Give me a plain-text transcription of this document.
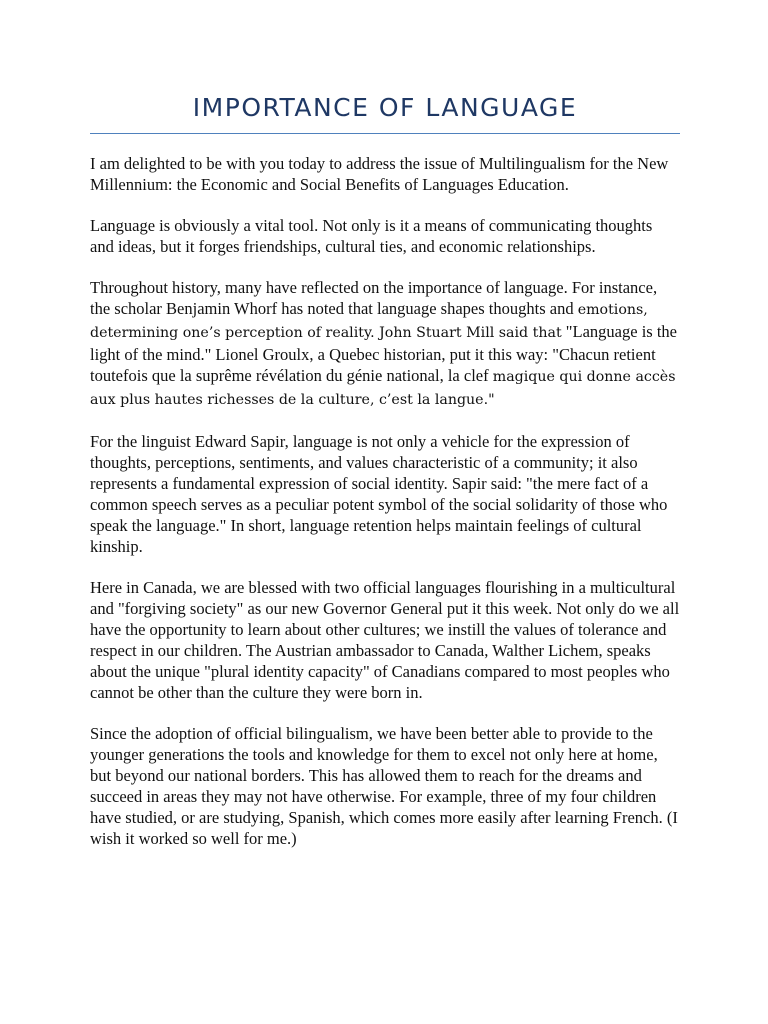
IMPORTANCE OF LANGUAGE

I am delighted to be with you today to address the issue of Multilingualism for the New Millennium: the Economic and Social Benefits of Languages Education.

Language is obviously a vital tool. Not only is it a means of communicating thoughts and ideas, but it forges friendships, cultural ties, and economic relationships.

Throughout history, many have reflected on the importance of language. For instance, the scholar Benjamin Whorf has noted that language shapes thoughts and emotions, determining one’s perception of reality. John Stuart Mill said that "Language is the light of the mind." Lionel Groulx, a Quebec historian, put it this way: "Chacun retient toutefois que la suprême révélation du génie national, la clef magique qui donne accès aux plus hautes richesses de la culture, c’est la langue."

For the linguist Edward Sapir, language is not only a vehicle for the expression of thoughts, perceptions, sentiments, and values characteristic of a community; it also represents a fundamental expression of social identity. Sapir said: "the mere fact of a common speech serves as a peculiar potent symbol of the social solidarity of those who speak the language." In short, language retention helps maintain feelings of cultural kinship.

Here in Canada, we are blessed with two official languages flourishing in a multicultural and "forgiving society" as our new Governor General put it this week. Not only do we all have the opportunity to learn about other cultures; we instill the values of tolerance and respect in our children. The Austrian ambassador to Canada, Walther Lichem, speaks about the unique "plural identity capacity" of Canadians compared to most peoples who cannot be other than the culture they were born in.

Since the adoption of official bilingualism, we have been better able to provide to the younger generations the tools and knowledge for them to excel not only here at home, but beyond our national borders. This has allowed them to reach for the dreams and succeed in areas they may not have otherwise. For example, three of my four children have studied, or are studying, Spanish, which comes more easily after learning French. (I wish it worked so well for me.)
